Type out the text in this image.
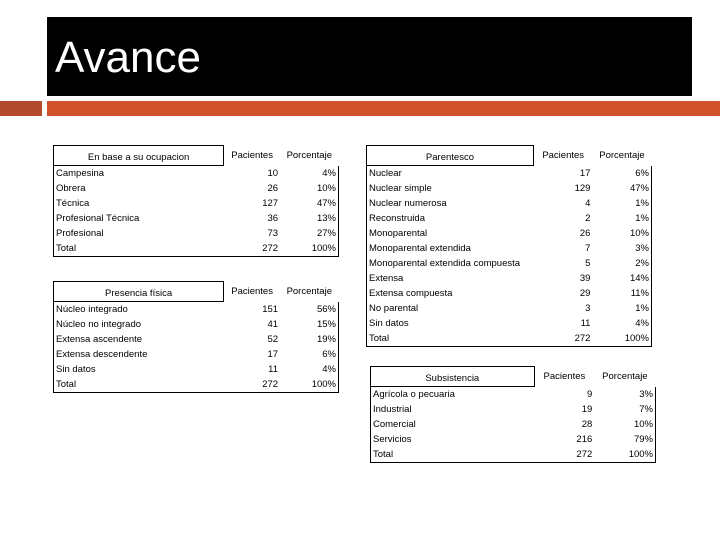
Avance
En base a su ocupacion	Pacientes	Porcentaje
Campesina	10	4%
Obrera	26	10%
Técnica	127	47%
Profesional Técnica	36	13%
Profesional	73	27%
Total	272	100%
Presencia física	Pacientes	Porcentaje
Núcleo integrado	151	56%
Núcleo no integrado	41	15%
Extensa ascendente	52	19%
Extensa descendente	17	6%
Sin datos	11	4%
Total	272	100%
Parentesco	Pacientes	Porcentaje
Nuclear	17	6%
Nuclear simple	129	47%
Nuclear numerosa	4	1%
Reconstruida	2	1%
Monoparental	26	10%
Monoparental extendida	7	3%
Monoparental extendida compuesta	5	2%
Extensa	39	14%
Extensa compuesta	29	11%
No parental	3	1%
Sin datos	11	4%
Total	272	100%
Subsistencia	Pacientes	Porcentaje
Agrícola o pecuaria	9	3%
Industrial	19	7%
Comercial	28	10%
Servicios	216	79%
Total	272	100%
